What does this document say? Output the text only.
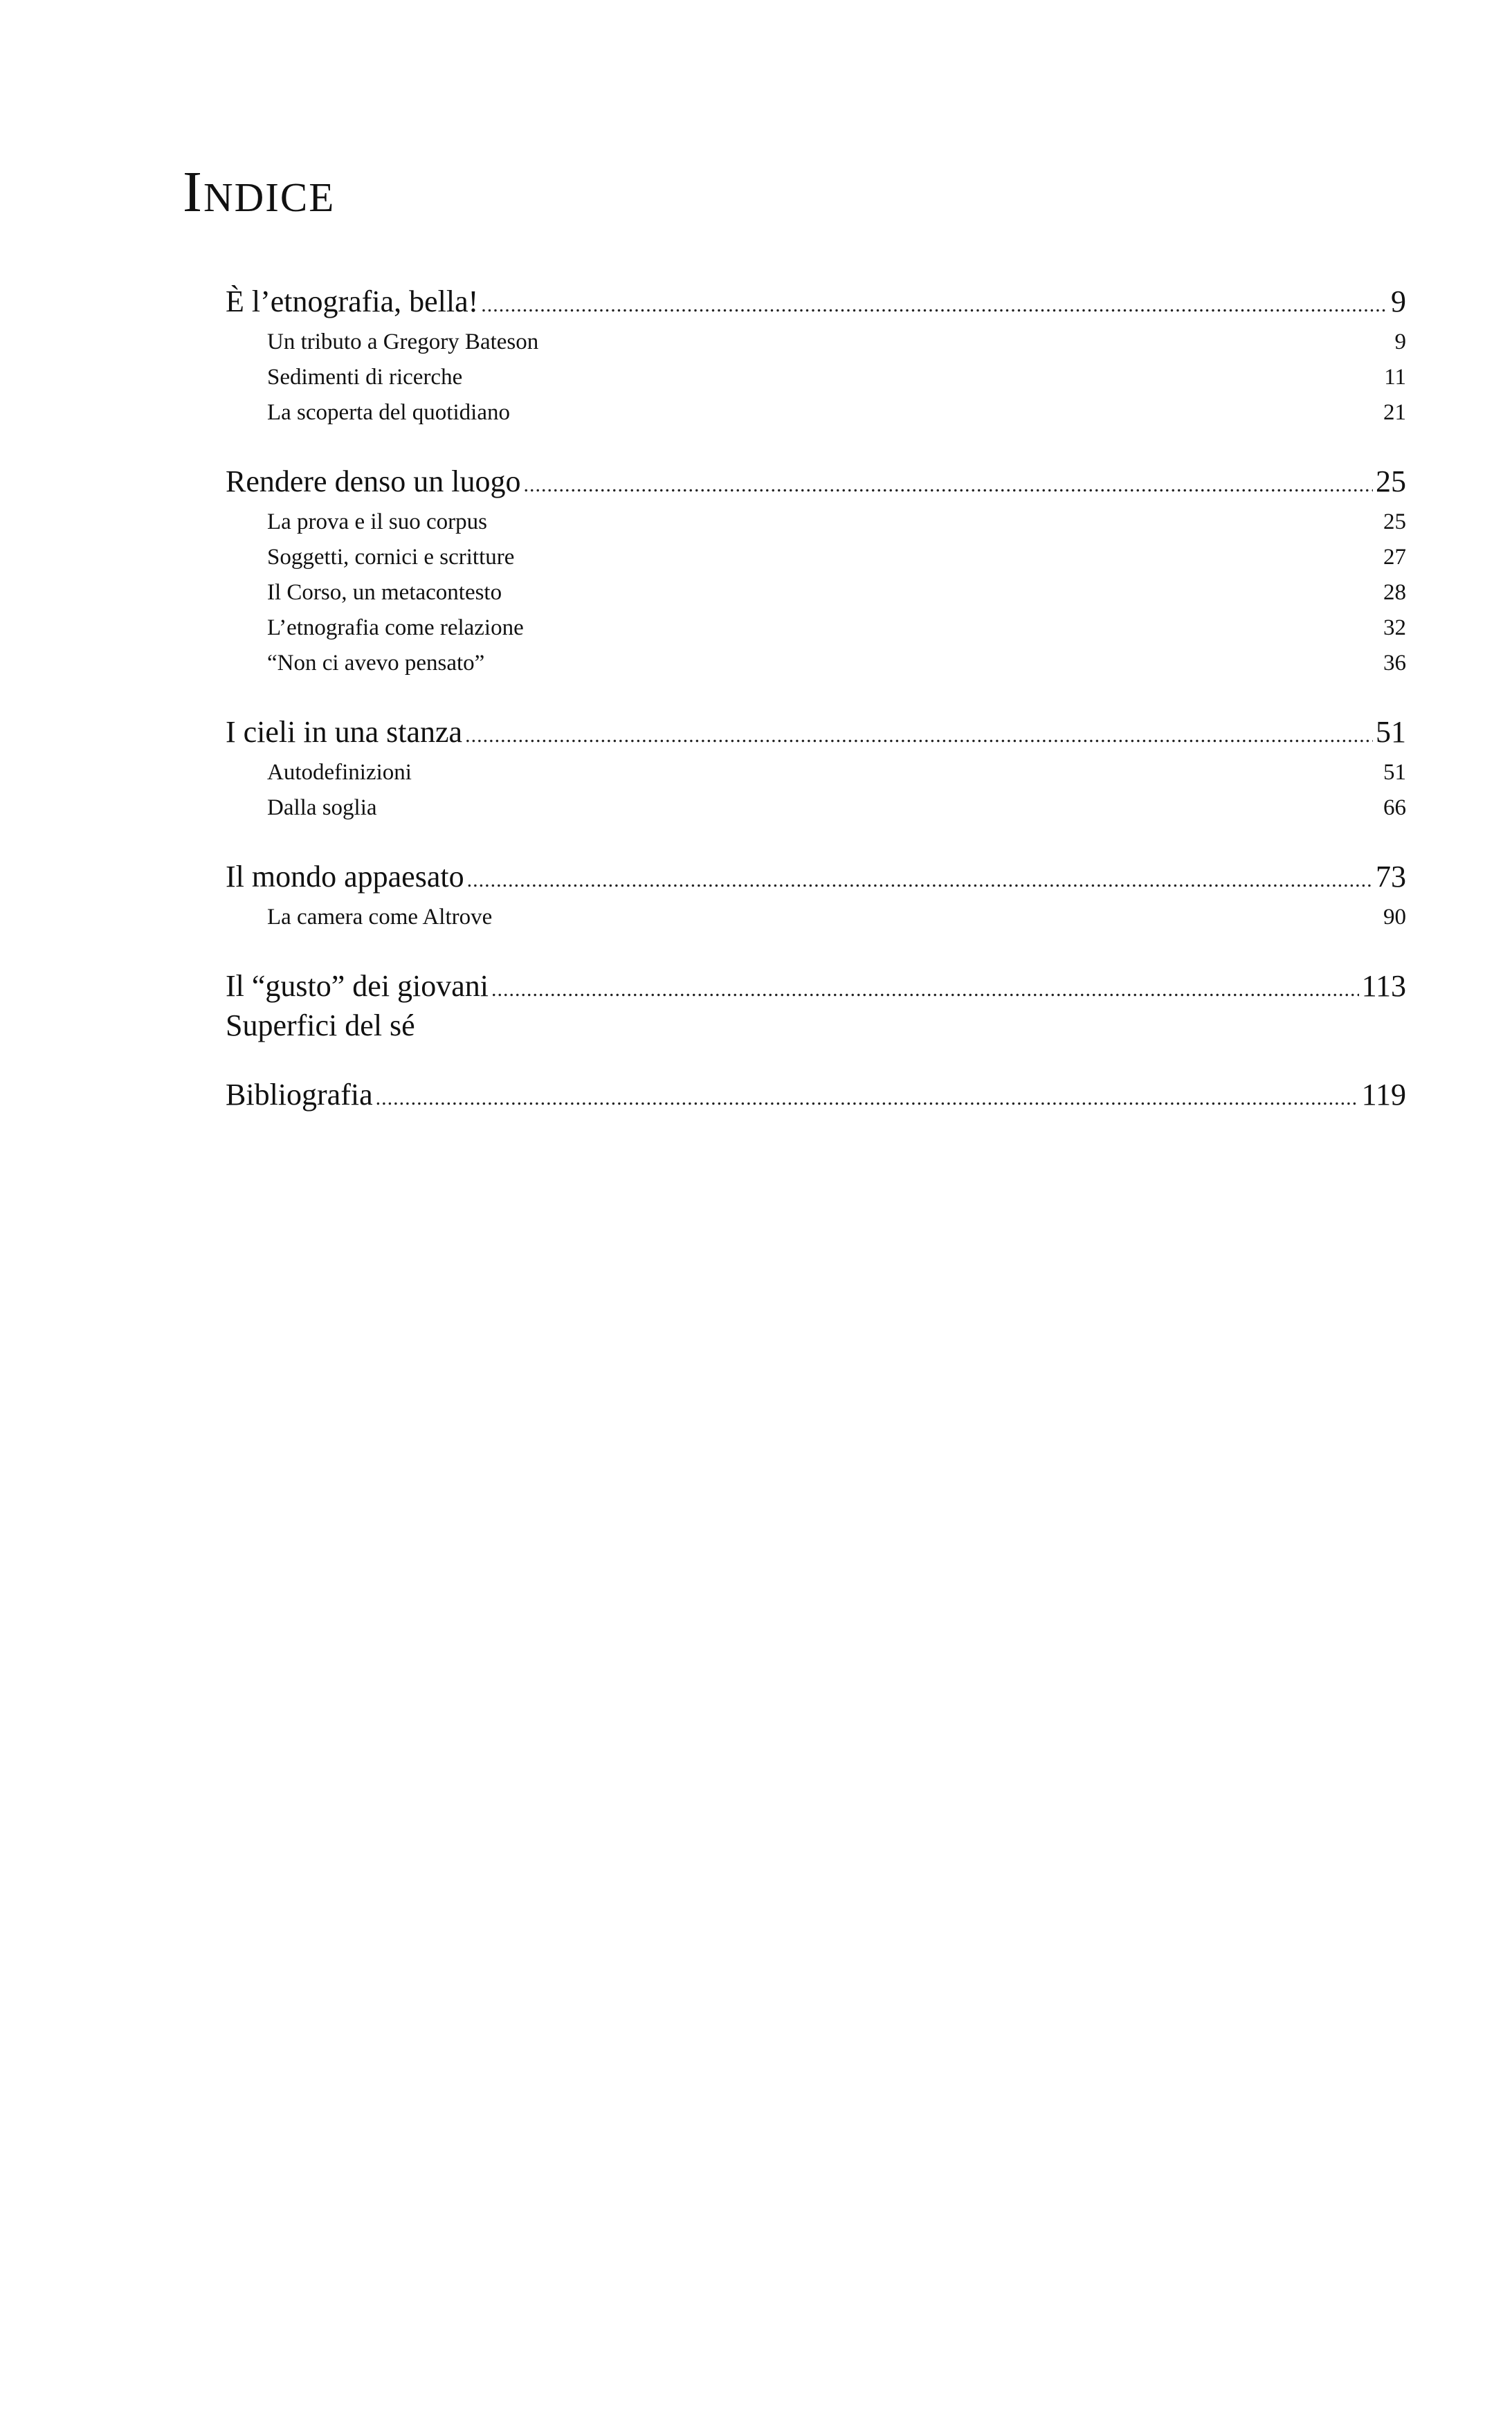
Indice
È l’etnografia, bella! .....	9
Un tributo a Gregory Bateson	9
Sedimenti di ricerche	11
La scoperta del quotidiano	21
Rendere denso un luogo .....	25
La prova e il suo corpus	25
Soggetti, cornici e scritture	27
Il Corso, un metacontesto	28
L’etnografia come relazione	32
“Non ci avevo pensato”	36
I cieli in una stanza .....	51
Autodefinizioni	51
Dalla soglia	66
Il mondo appaesato .....	73
La camera come Altrove	90
Il “gusto” dei giovani .....	113
Superfici del sé
Bibliografia .....	119
